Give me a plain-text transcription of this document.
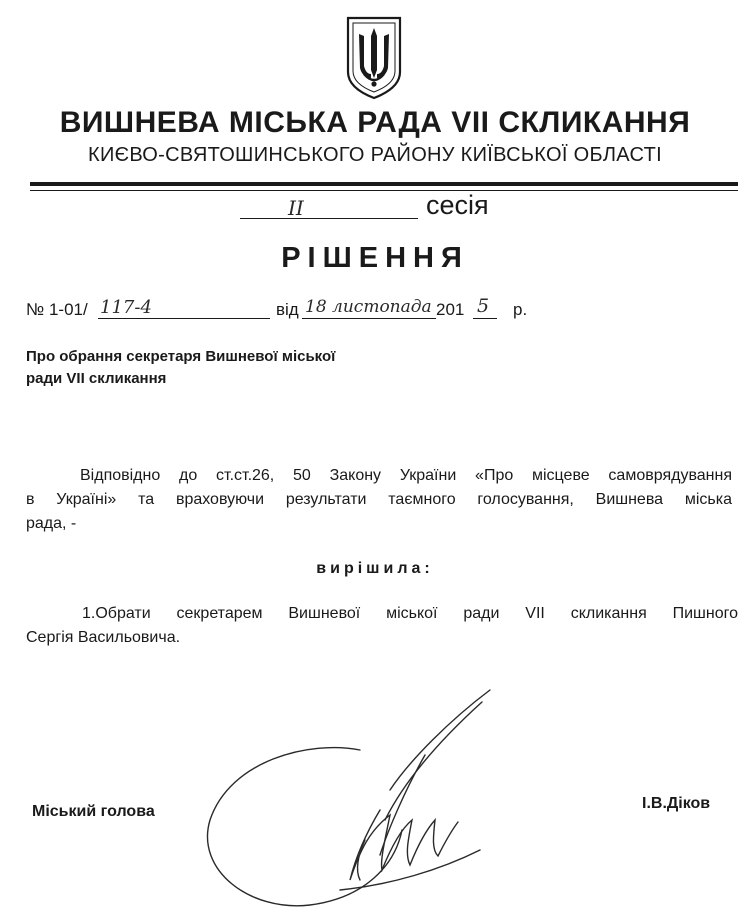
ВИШНЕВА МІСЬКА РАДА VII СКЛИКАННЯ
КИЄВО-СВЯТОШИНСЬКОГО РАЙОНУ КИЇВСЬКОЇ ОБЛАСТІ
II	сесія
РІШЕННЯ
№ 1-01/ 117-4	від 18 листопада 201 5 р.
Про обрання секретаря Вишневої міської
ради VII скликання
Відповідно до ст.ст.26, 50 Закону України «Про місцеве самоврядування
в Україні» та враховуючи результати таємного голосування, Вишнева міська
рада, -
вирішила:
1.Обрати секретарем Вишневої міської ради VII скликання Пишного
Сергія Васильовича.
Міський голова	І.В.Діков
